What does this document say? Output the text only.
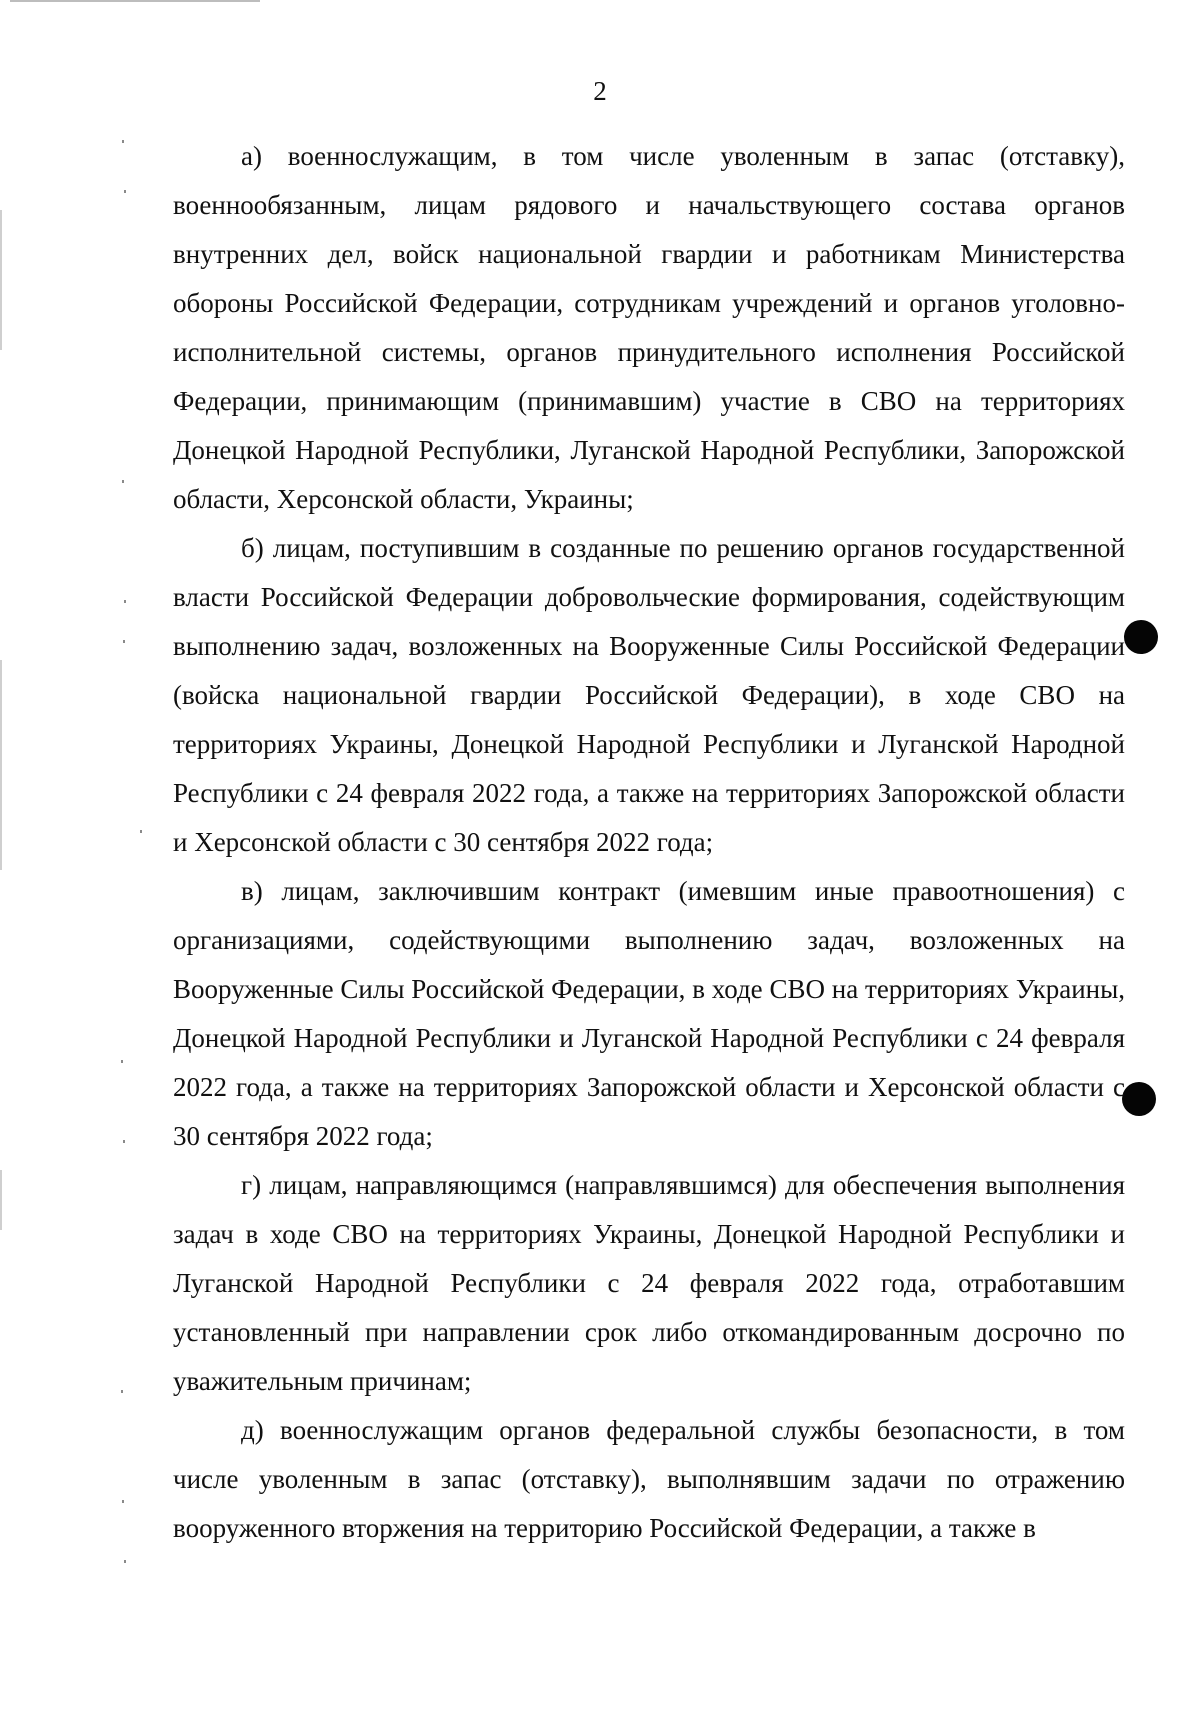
2

а) военнослужащим, в том числе уволенным в запас (отставку), военнообязанным, лицам рядового и начальствующего состава органов внутренних дел, войск национальной гвардии и работникам Министерства обороны Российской Федерации, сотрудникам учреждений и органов уголовно-исполнительной системы, органов принудительного исполнения Российской Федерации, принимающим (принимавшим) участие в СВО на территориях Донецкой Народной Республики, Луганской Народной Республики, Запорожской области, Херсонской области, Украины;

б) лицам, поступившим в созданные по решению органов государственной власти Российской Федерации добровольческие формирования, содействующим выполнению задач, возложенных на Вооруженные Силы Российской Федерации (войска национальной гвардии Российской Федерации), в ходе СВО на территориях Украины, Донецкой Народной Республики и Луганской Народной Республики с 24 февраля 2022 года, а также на территориях Запорожской области и Херсонской области с 30 сентября 2022 года;

в) лицам, заключившим контракт (имевшим иные правоотношения) с организациями, содействующими выполнению задач, возложенных на Вооруженные Силы Российской Федерации, в ходе СВО на территориях Украины, Донецкой Народной Республики и Луганской Народной Республики с 24 февраля 2022 года, а также на территориях Запорожской области и Херсонской области с 30 сентября 2022 года;

г) лицам, направляющимся (направлявшимся) для обеспечения выполнения задач в ходе СВО на территориях Украины, Донецкой Народной Республики и Луганской Народной Республики с 24 февраля 2022 года, отработавшим установленный при направлении срок либо откомандированным досрочно по уважительным причинам;

д) военнослужащим органов федеральной службы безопасности, в том числе уволенным в запас (отставку), выполнявшим задачи по отражению вооруженного вторжения на территорию Российской Федерации, а также в
